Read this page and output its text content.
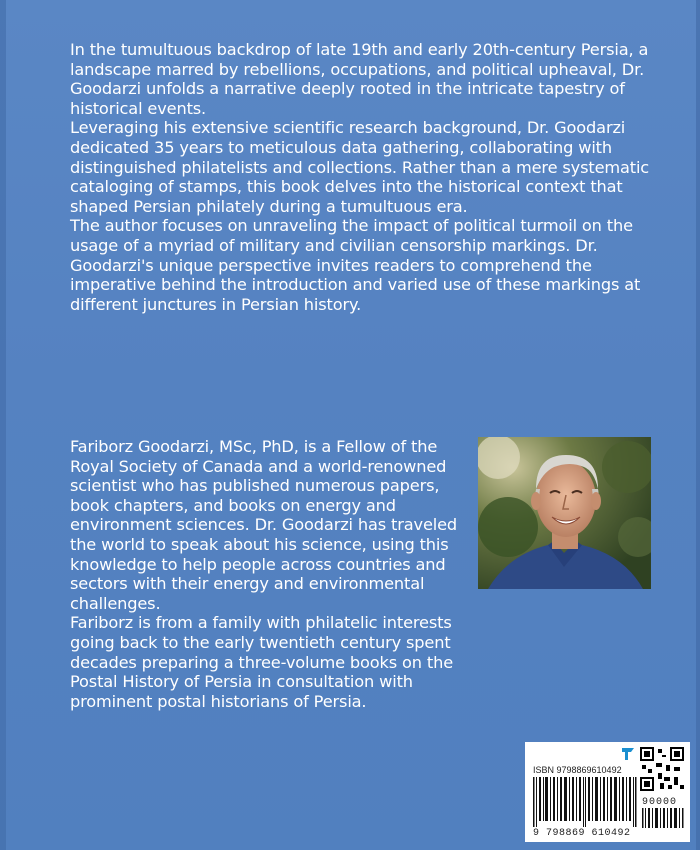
In the tumultuous backdrop of late 19th and early 20th-century Persia, a landscape marred by rebellions, occupations, and political upheaval, Dr. Goodarzi unfolds a narrative deeply rooted in the intricate tapestry of historical events.

Leveraging his extensive scientific research background, Dr. Goodarzi dedicated 35 years to meticulous data gathering, collaborating with distinguished philatelists and collections. Rather than a mere systematic cataloging of stamps, this book delves into the historical context that shaped Persian philately during a tumultuous era.

The author focuses on unraveling the impact of political turmoil on the usage of a myriad of military and civilian censorship markings. Dr. Goodarzi's unique perspective invites readers to comprehend the imperative behind the introduction and varied use of these markings at different junctures in Persian history.

Fariborz Goodarzi, MSc, PhD, is a Fellow of the Royal Society of Canada and a world-renowned scientist who has published numerous papers, book chapters, and books on energy and environment sciences. Dr. Goodarzi has traveled the world to speak about his science, using this knowledge to help people across countries and sectors with their energy and environmental challenges.

Fariborz is from a family with philatelic interests going back to the early twentieth century spent decades preparing a three-volume books on the Postal History of Persia in consultation with prominent postal historians of Persia.

ISBN 9798869610492
90000
9 798869 610492
